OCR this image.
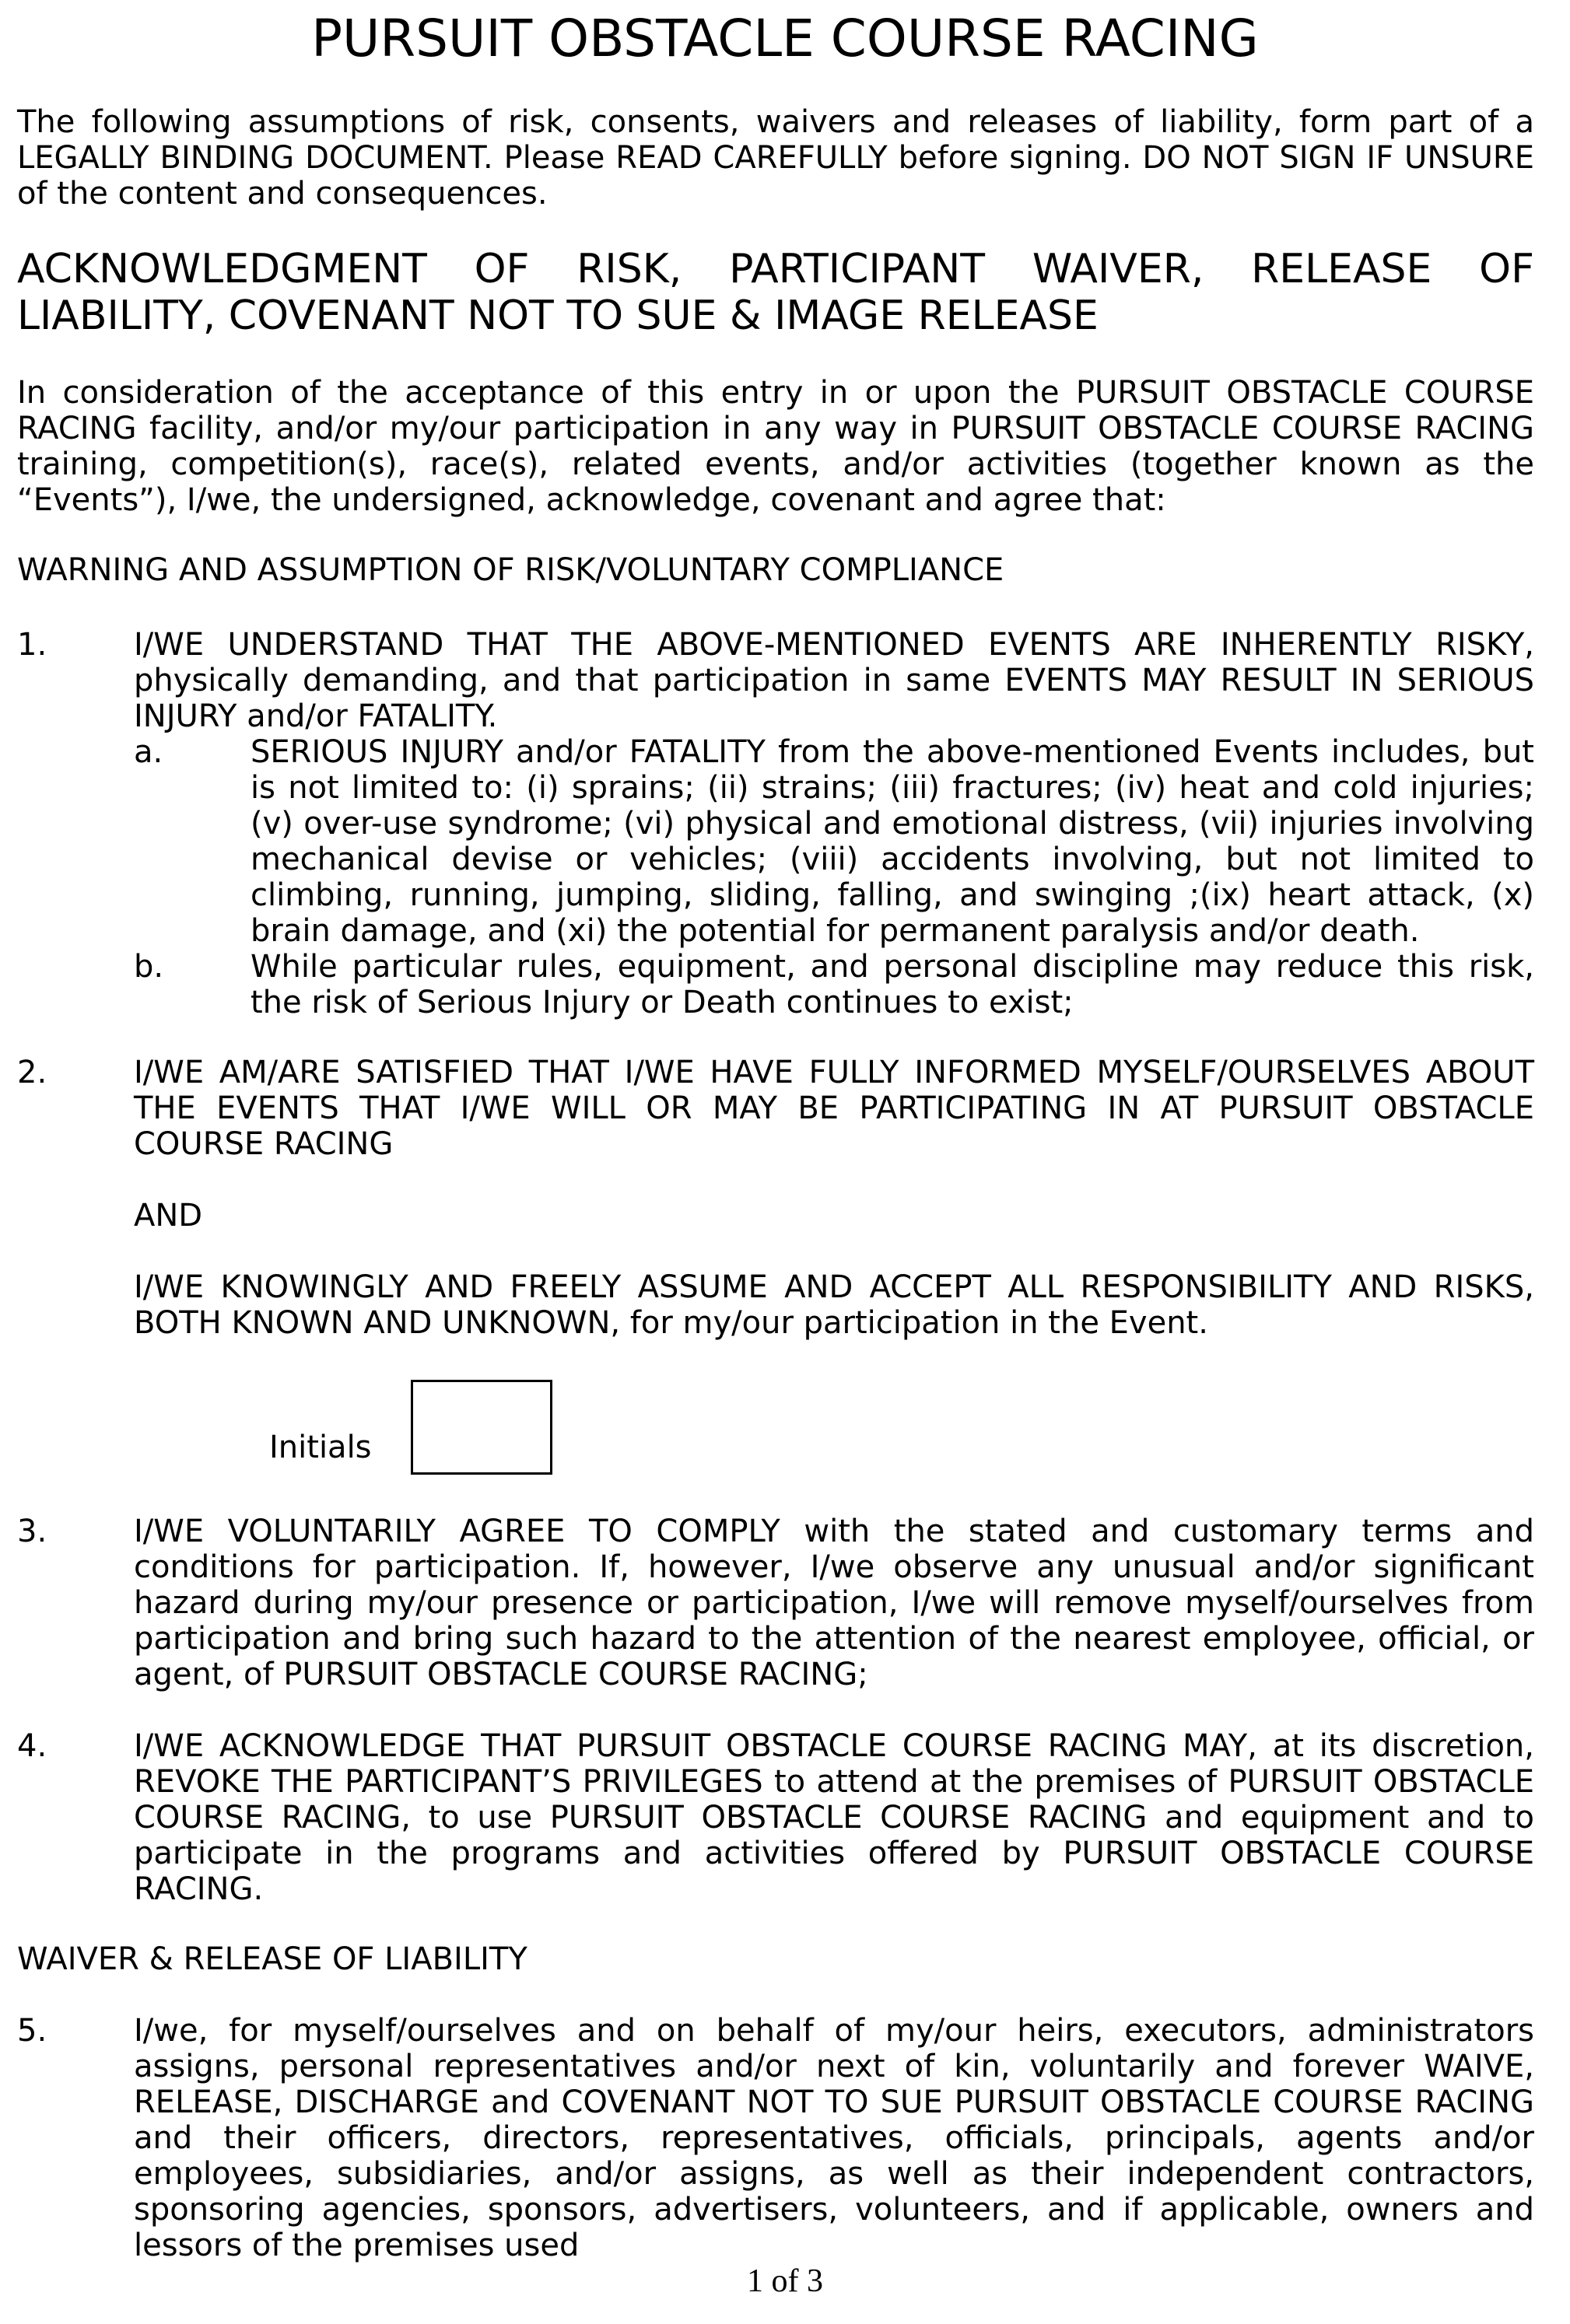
PURSUIT OBSTACLE COURSE RACING

The following assumptions of risk, consents, waivers and releases of liability, form part of a LEGALLY BINDING DOCUMENT. Please READ CAREFULLY before signing. DO NOT SIGN IF UNSURE of the content and consequences.

ACKNOWLEDGMENT OF RISK, PARTICIPANT WAIVER, RELEASE OF LIABILITY, COVENANT NOT TO SUE & IMAGE RELEASE

In consideration of the acceptance of this entry in or upon the PURSUIT OBSTACLE COURSE RACING facility, and/or my/our participation in any way in PURSUIT OBSTACLE COURSE RACING training, competition(s), race(s), related events, and/or activities (together known as the “Events”), I/we, the undersigned, acknowledge, covenant and agree that:

WARNING AND ASSUMPTION OF RISK/VOLUNTARY COMPLIANCE
1.	I/WE UNDERSTAND THAT THE ABOVE-MENTIONED EVENTS ARE INHERENTLY RISKY, physically demanding, and that participation in same EVENTS MAY RESULT IN SERIOUS INJURY and/or FATALITY.

a.	SERIOUS INJURY and/or FATALITY from the above-mentioned Events includes, but is not limited to: (i) sprains; (ii) strains; (iii) fractures; (iv) heat and cold injuries; (v) over-use syndrome; (vi) physical and emotional distress, (vii) injuries involving mechanical devise or vehicles; (viii) accidents involving, but not limited to climbing, running, jumping, sliding, falling, and swinging ;(ix) heart attack, (x) brain damage, and (xi) the potential for permanent paralysis and/or death.

b.	While particular rules, equipment, and personal discipline may reduce this risk, the risk of Serious Injury or Death continues to exist;

2.	I/WE AM/ARE SATISFIED THAT I/WE HAVE FULLY INFORMED MYSELF/OURSELVES ABOUT THE EVENTS THAT I/WE WILL OR MAY BE PARTICIPATING IN AT PURSUIT OBSTACLE COURSE RACING

AND

I/WE KNOWINGLY AND FREELY ASSUME AND ACCEPT ALL RESPONSIBILITY AND RISKS, BOTH KNOWN AND UNKNOWN, for my/our participation in the Event.

Initials
3.	I/WE VOLUNTARILY AGREE TO COMPLY with the stated and customary terms and conditions for participation. If, however, I/we observe any unusual and/or significant hazard during my/our presence or participation, I/we will remove myself/ourselves from participation and bring such hazard to the attention of the nearest employee, official, or agent, of PURSUIT OBSTACLE COURSE RACING;

4.	I/WE ACKNOWLEDGE THAT PURSUIT OBSTACLE COURSE RACING MAY, at its discretion, REVOKE THE PARTICIPANT’S PRIVILEGES to attend at the premises of PURSUIT OBSTACLE COURSE RACING, to use PURSUIT OBSTACLE COURSE RACING and equipment and to participate in the programs and activities offered by PURSUIT OBSTACLE COURSE RACING.

WAIVER & RELEASE OF LIABILITY
5.	I/we, for myself/ourselves and on behalf of my/our heirs, executors, administrators assigns, personal representatives and/or next of kin, voluntarily and forever WAIVE, RELEASE, DISCHARGE and COVENANT NOT TO SUE PURSUIT OBSTACLE COURSE RACING and their officers, directors, representatives, officials, principals, agents and/or employees, subsidiaries, and/or assigns, as well as their independent contractors, sponsoring agencies, sponsors, advertisers, volunteers, and if applicable, owners and lessors of the premises used

1 of 3
